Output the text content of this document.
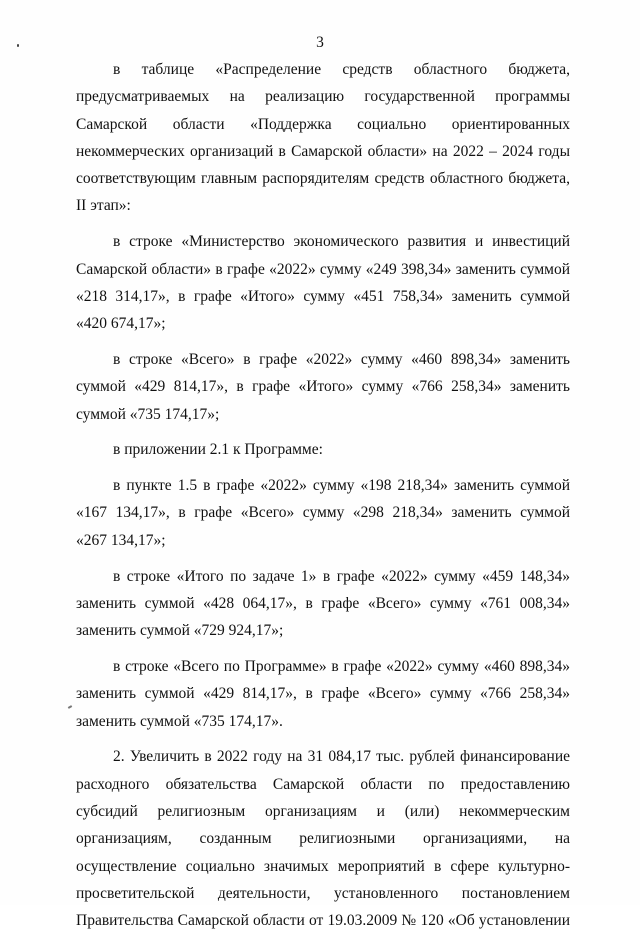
3
в таблице «Распределение средств областного бюджета,
предусматриваемых на реализацию государственной программы
Самарской области «Поддержка социально ориентированных
некоммерческих организаций в Самарской области» на 2022 – 2024 годы
соответствующим главным распорядителям средств областного бюджета,
II этап»:
в строке «Министерство экономического развития и инвестиций
Самарской области» в графе «2022» сумму «249 398,34» заменить суммой
«218 314,17», в графе «Итого» сумму «451 758,34» заменить суммой
«420 674,17»;
в строке «Всего» в графе «2022» сумму «460 898,34» заменить
суммой «429 814,17», в графе «Итого» сумму «766 258,34» заменить
суммой «735 174,17»;
в приложении 2.1 к Программе:
в пункте 1.5 в графе «2022» сумму «198 218,34» заменить суммой
«167 134,17», в графе «Всего» сумму «298 218,34» заменить суммой
«267 134,17»;
в строке «Итого по задаче 1» в графе «2022» сумму «459 148,34»
заменить суммой «428 064,17», в графе «Всего» сумму «761 008,34»
заменить суммой «729 924,17»;
в строке «Всего по Программе» в графе «2022» сумму «460 898,34»
заменить суммой «429 814,17», в графе «Всего» сумму «766 258,34»
заменить суммой «735 174,17».
2. Увеличить в 2022 году на 31 084,17 тыс. рублей финансирование
расходного обязательства Самарской области по предоставлению
субсидий религиозным организациям и (или) некоммерческим
организациям, созданным религиозными организациями, на
осуществление социально значимых мероприятий в сфере культурно-
просветительской деятельности, установленного постановлением
Правительства Самарской области от 19.03.2009 № 120 «Об установлении
